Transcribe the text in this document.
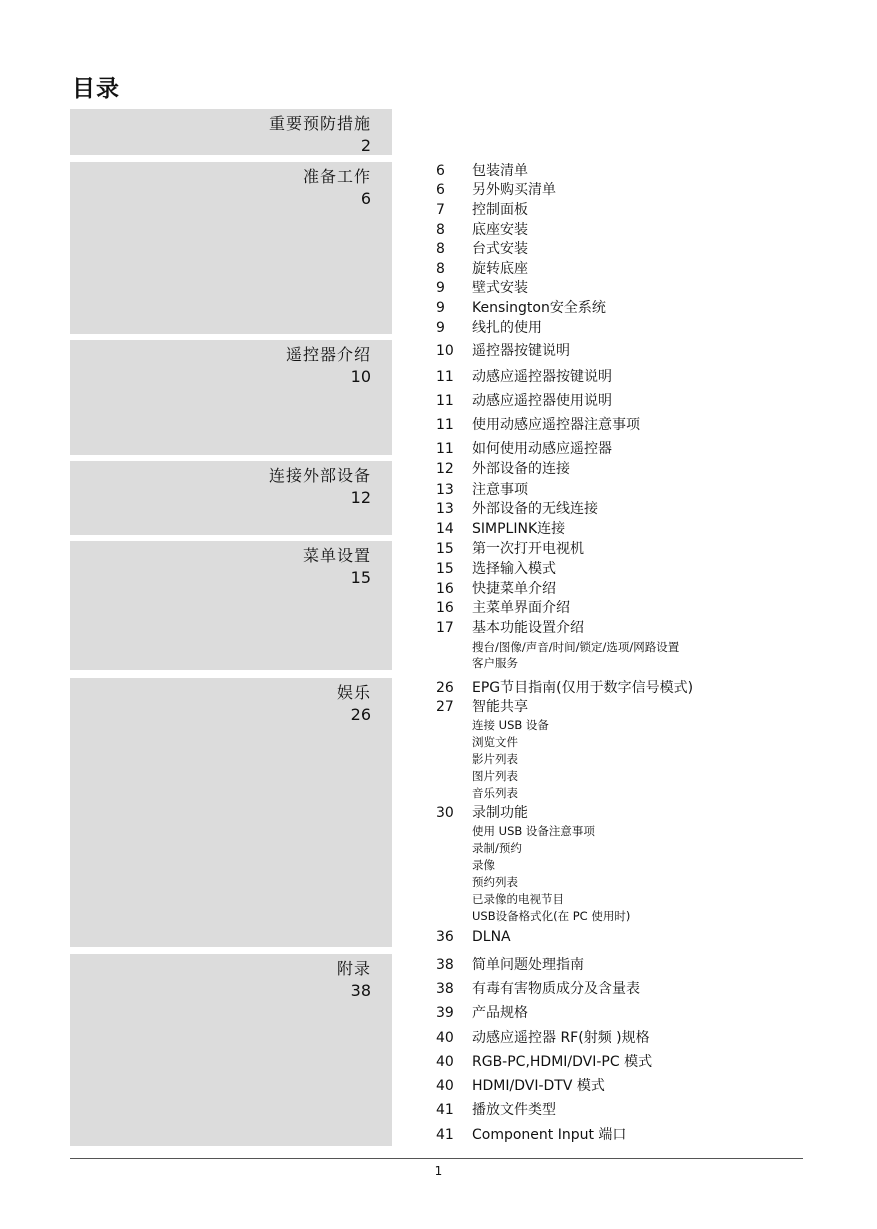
目录
重要预防措施
2
准备工作
6
遥控器介绍
10
连接外部设备
12
菜单设置
15
娱乐
26
附录
38
6 包装清单
6 另外购买清单
7 控制面板
8 底座安装
8 台式安装
8 旋转底座
9 壁式安装
9 Kensington安全系统
9 线扎的使用
10 遥控器按键说明
11 动感应遥控器按键说明
11 动感应遥控器使用说明
11 使用动感应遥控器注意事项
11 如何使用动感应遥控器
12 外部设备的连接
13 注意事项
13 外部设备的无线连接
14 SIMPLINK连接
15 第一次打开电视机
15 选择输入模式
16 快捷菜单介绍
16 主菜单界面介绍
17 基本功能设置介绍
搜台/图像/声音/时间/锁定/选项/网路设置
客户服务
26 EPG节目指南(仅用于数字信号模式)
27 智能共享
连接 USB 设备
浏览文件
影片列表
图片列表
音乐列表
30 录制功能
使用 USB 设备注意事项
录制/预约
录像
预约列表
已录像的电视节目
USB设备格式化(在 PC 使用时)
36 DLNA
38 简单问题处理指南
38 有毒有害物质成分及含量表
39 产品规格
40 动感应遥控器 RF(射频 )规格
40 RGB-PC,HDMI/DVI-PC 模式
40 HDMI/DVI-DTV 模式
41 播放文件类型
41 Component Input 端口
1
